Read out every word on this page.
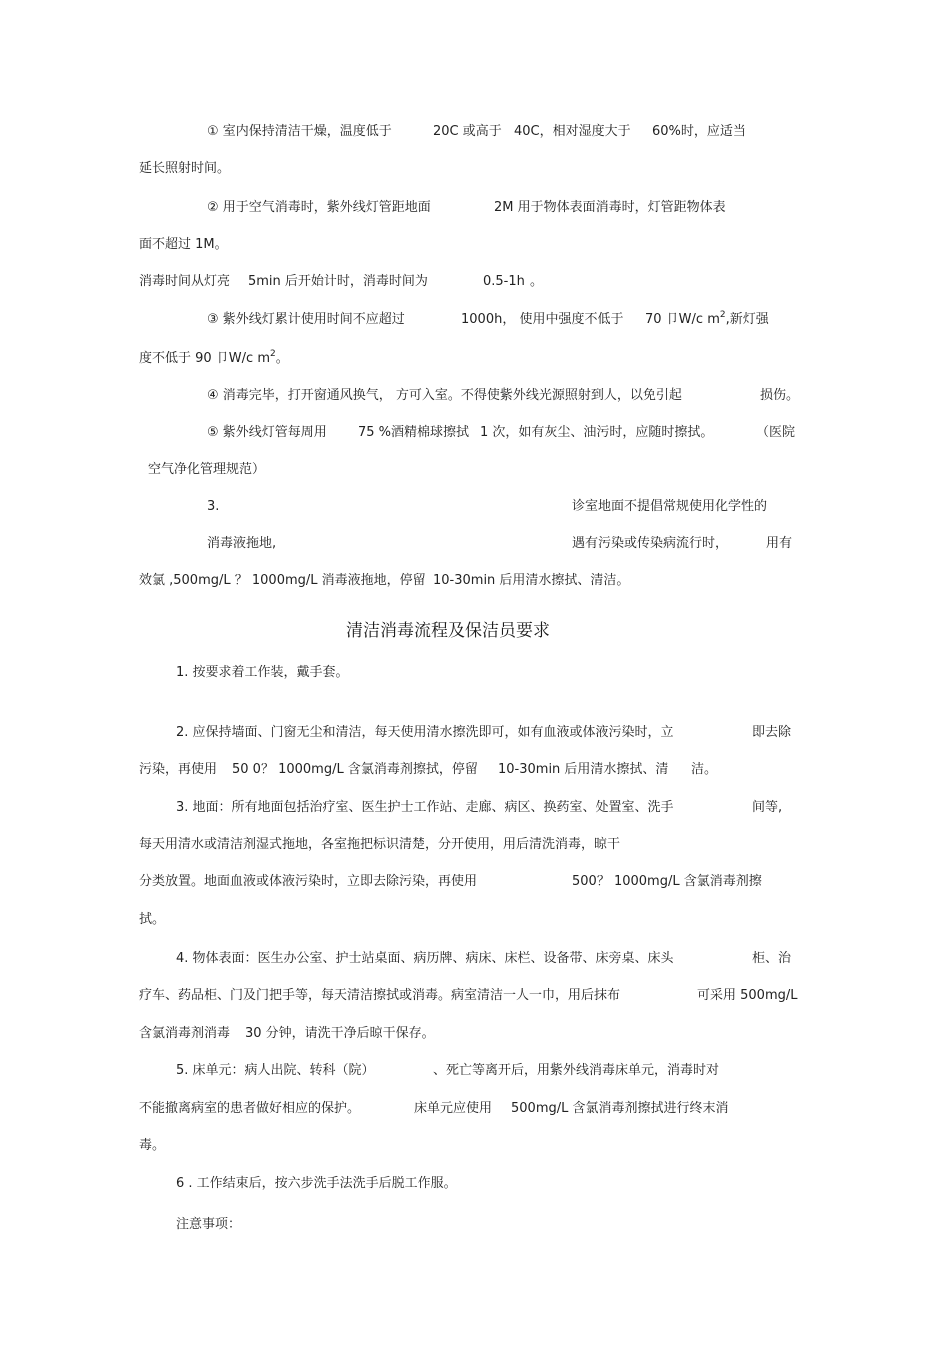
① 室内保持清洁干燥，温度低于	20C 或高于 40C，相对湿度大于 60%时，应适当
延长照射时间。
② 用于空气消毒时，紫外线灯管距地面	2M 用于物体表面消毒时，灯管距物体表
面不超过 1M。
消毒时间从灯亮 5min 后开始计时，消毒时间为	0.5-1h 。
③ 紫外线灯累计使用时间不应超过	1000h， 使用中强度不低于 70 卩W/c $m^2$,新灯强
度不低于 90 卩W/c $m^2$。
④ 消毒完毕，打开窗通风换气， 方可入室。不得使紫外线光源照射到人，以免引起	损伤。
⑤ 紫外线灯管每周用 75 %酒精棉球擦拭 1 次，如有灰尘、油污时，应随时擦拭。	（医院
空气净化管理规范）
3.	诊室地面不提倡常规使用化学性的
消毒液拖地,	遇有污染或传染病流行时，	用有
效氯 ,500mg/L ？ 1000mg/L 消毒液拖地，停留 10-30min 后用清水擦拭、清洁。
清洁消毒流程及保洁员要求
1. 按要求着工作装，戴手套。
2. 应保持墙面、门窗无尘和清洁，每天使用清水擦洗即可，如有血液或体液污染时，立	即去除
污染，再使用 50 0？ 1000mg/L 含氯消毒剂擦拭，停留 10-30min 后用清水擦拭、清 洁。
3. 地面：所有地面包括治疗室、医生护士工作站、走廊、病区、换药室、处置室、洗手	间等,
每天用清水或清洁剂湿式拖地，各室拖把标识清楚，分开使用，用后清洗消毒，晾干
分类放置。地面血液或体液污染时，立即去除污染，再使用	500？ 1000mg/L 含氯消毒剂擦
拭。
4. 物体表面：医生办公室、护士站桌面、病历牌、病床、床栏、设备带、床旁桌、床头	柜、治
疗车、药品柜、门及门把手等，每天清洁擦拭或消毒。病室清洁一人一巾，用后抹布	可采用 500mg/L
含氯消毒剂消毒 30 分钟，请洗干净后晾干保存。
5. 床单元：病人出院、转科（院）	、死亡等离开后，用紫外线消毒床单元，消毒时对
不能撤离病室的患者做好相应的保护。	床单元应使用 500mg/L 含氯消毒剂擦拭进行终末消
毒。
6 . 工作结束后，按六步洗手法洗手后脱工作服。
注意事项：
